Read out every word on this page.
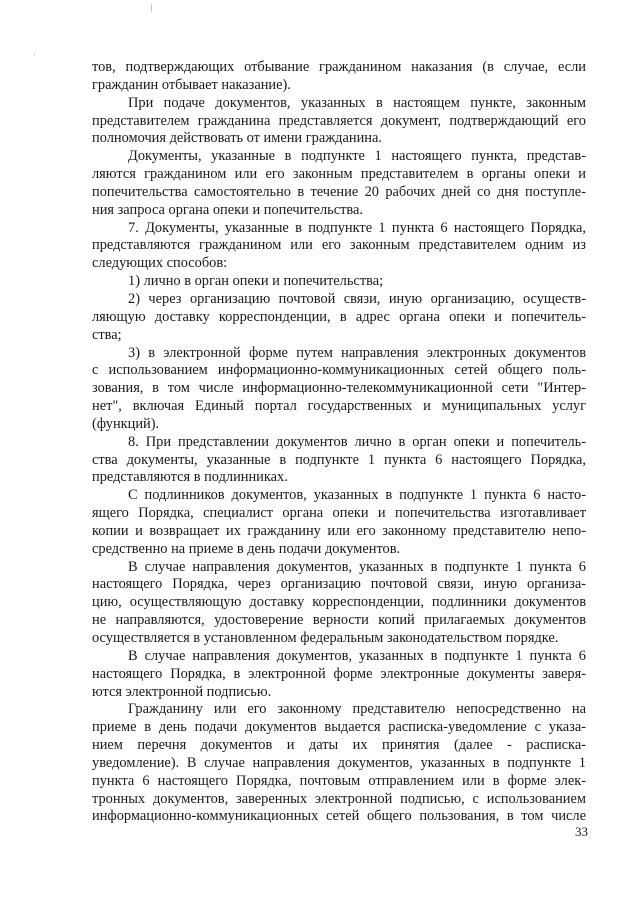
тов, подтверждающих отбывание гражданином наказания (в случае, если
гражданин отбывает наказание).
При подаче документов, указанных в настоящем пункте, законным
представителем гражданина представляется документ, подтверждающий его
полномочия действовать от имени гражданина.
Документы, указанные в подпункте 1 настоящего пункта, представ-
ляются гражданином или его законным представителем в органы опеки и
попечительства самостоятельно в течение 20 рабочих дней со дня поступле-
ния запроса органа опеки и попечительства.
7. Документы, указанные в подпункте 1 пункта 6 настоящего Порядка,
представляются гражданином или его законным представителем одним из
следующих способов:
1) лично в орган опеки и попечительства;
2) через организацию почтовой связи, иную организацию, осуществ-
ляющую доставку корреспонденции, в адрес органа опеки и попечитель-
ства;
3) в электронной форме путем направления электронных документов
с использованием информационно-коммуникационных сетей общего поль-
зования, в том числе информационно-телекоммуникационной сети "Интер-
нет", включая Единый портал государственных и муниципальных услуг
(функций).
8. При представлении документов лично в орган опеки и попечитель-
ства документы, указанные в подпункте 1 пункта 6 настоящего Порядка,
представляются в подлинниках.
С подлинников документов, указанных в подпункте 1 пункта 6 насто-
ящего Порядка, специалист органа опеки и попечительства изготавливает
копии и возвращает их гражданину или его законному представителю непо-
средственно на приеме в день подачи документов.
В случае направления документов, указанных в подпункте 1 пункта 6
настоящего Порядка, через организацию почтовой связи, иную организа-
цию, осуществляющую доставку корреспонденции, подлинники документов
не направляются, удостоверение верности копий прилагаемых документов
осуществляется в установленном федеральным законодательством порядке.
В случае направления документов, указанных в подпункте 1 пункта 6
настоящего Порядка, в электронной форме электронные документы заверя-
ются электронной подписью.
Гражданину или его законному представителю непосредственно на
приеме в день подачи документов выдается расписка-уведомление с указа-
нием перечня документов и даты их принятия (далее - расписка-
уведомление). В случае направления документов, указанных в подпункте 1
пункта 6 настоящего Порядка, почтовым отправлением или в форме элек-
тронных документов, заверенных электронной подписью, с использованием
информационно-коммуникационных сетей общего пользования, в том числе
33
